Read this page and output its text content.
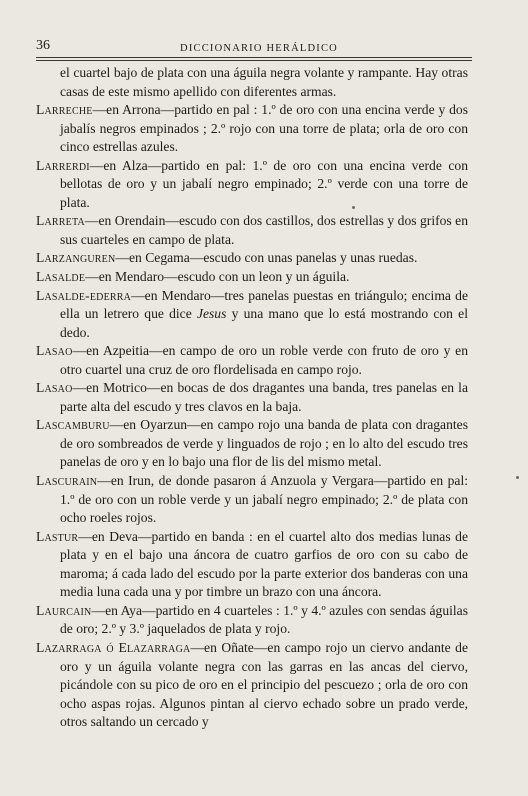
36	DICCIONARIO HERÁLDICO

el cuartel bajo de plata con una águila negra volante y rampante. Hay otras casas de este mismo apellido con diferentes armas.

Larreche—en Arrona—partido en pal : 1.º de oro con una encina verde y dos jabalís negros empinados ; 2.º rojo con una torre de plata; orla de oro con cinco estrellas azules.

Larrerdi—en Alza—partido en pal: 1.º de oro con una encina verde con bellotas de oro y un jabalí negro empinado; 2.º verde con una torre de plata.

Larreta—en Orendain—escudo con dos castillos, dos estrellas y dos grifos en sus cuarteles en campo de plata.

Larzanguren—en Cegama—escudo con unas panelas y unas ruedas.

Lasalde—en Mendaro—escudo con un leon y un águila.

Lasalde-ederra—en Mendaro—tres panelas puestas en triángulo; encima de ella un letrero que dice Jesus y una mano que lo está mostrando con el dedo.

Lasao—en Azpeitia—en campo de oro un roble verde con fruto de oro y en otro cuartel una cruz de oro flordelisada en campo rojo.

Lasao—en Motrico—en bocas de dos dragantes una banda, tres panelas en la parte alta del escudo y tres clavos en la baja.

Lascamburu—en Oyarzun—en campo rojo una banda de plata con dragantes de oro sombreados de verde y linguados de rojo ; en lo alto del escudo tres panelas de oro y en lo bajo una flor de lis del mismo metal.

Lascurain—en Irun, de donde pasaron á Anzuola y Vergara—partido en pal: 1.º de oro con un roble verde y un jabalí negro empinado; 2.º de plata con ocho roeles rojos.

Lastur—en Deva—partido en banda : en el cuartel alto dos medias lunas de plata y en el bajo una áncora de cuatro garfios de oro con su cabo de maroma; á cada lado del escudo por la parte exterior dos banderas con una media luna cada una y por timbre un brazo con una áncora.

Laurcain—en Aya—partido en 4 cuarteles : 1.º y 4.º azules con sendas águilas de oro; 2.º y 3.º jaquelados de plata y rojo.

Lazarraga ó Elazarraga—en Oñate—en campo rojo un ciervo andante de oro y un águila volante negra con las garras en las ancas del ciervo, picándole con su pico de oro en el principio del pescuezo ; orla de oro con ocho aspas rojas. Algunos pintan al ciervo echado sobre un prado verde, otros saltando un cercado y
